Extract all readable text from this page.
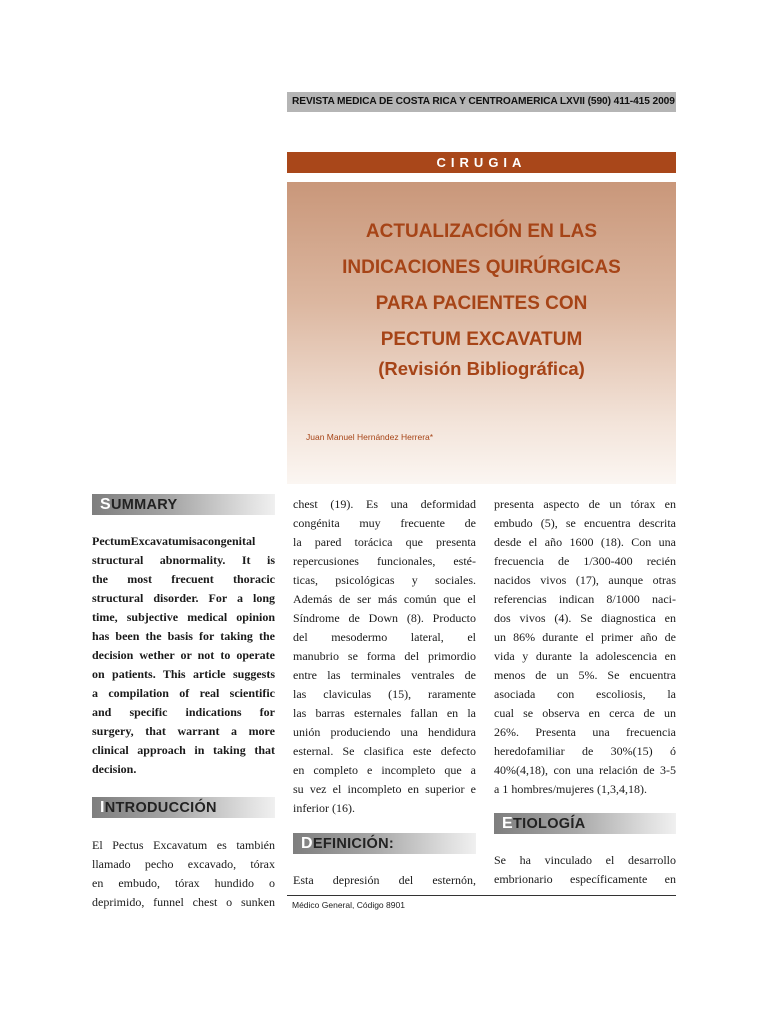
REVISTA MEDICA DE COSTA RICA Y CENTROAMERICA LXVII (590) 411-415 2009
CIRUGIA
ACTUALIZACIÓN EN LAS
INDICACIONES QUIRÚRGICAS
PARA PACIENTES CON
PECTUM EXCAVATUM
(Revisión Bibliográfica)
Juan Manuel Hernández Herrera*
SUMMARY
PectumExcavatumisacongenital
structural abnormality. It is
the most frecuent thoracic
structural disorder. For a long
time, subjective medical opinion
has been the basis for taking the
decision wether or not to operate
on patients. This article suggests
a compilation of real scientific
and specific indications for
surgery, that warrant a more
clinical approach in taking that
decision.
INTRODUCCIÓN
El Pectus Excavatum es también
llamado pecho excavado, tórax
en embudo, tórax hundido o
deprimido, funnel chest o sunken
chest (19). Es una deformidad
congénita muy frecuente de
la pared torácica que presenta
repercusiones funcionales, esté-
ticas, psicológicas y sociales.
Además de ser más común que el
Síndrome de Down (8). Producto
del mesodermo lateral, el
manubrio se forma del primordio
entre las terminales ventrales de
las claviculas (15), raramente
las barras esternales fallan en la
unión produciendo una hendidura
esternal. Se clasifica este defecto
en completo e incompleto que a
su vez el incompleto en superior e
inferior (16).
DEFINICIÓN:
Esta depresión del esternón,
presenta aspecto de un tórax en
embudo (5), se encuentra descrita
desde el año 1600 (18). Con una
frecuencia de 1/300-400 recién
nacidos vivos (17), aunque otras
referencias indican 8/1000 naci-
dos vivos (4). Se diagnostica en
un 86% durante el primer año de
vida y durante la adolescencia en
menos de un 5%. Se encuentra
asociada con escoliosis, la
cual se observa en cerca de un
26%. Presenta una frecuencia
heredofamiliar de 30%(15) ó
40%(4,18), con una relación de 3-5
a 1 hombres/mujeres (1,3,4,18).
ETIOLOGÍA
Se ha vinculado el desarrollo
embrionario específicamente en
Médico General, Código 8901
